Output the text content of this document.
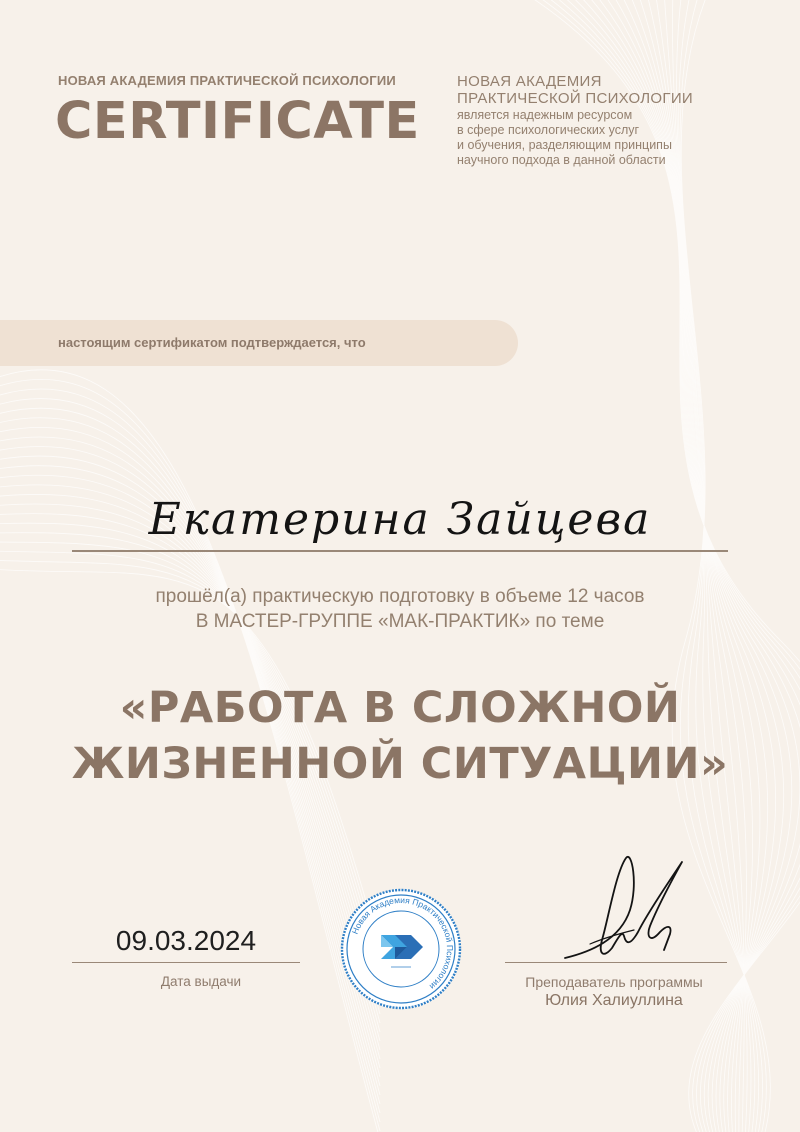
НОВАЯ АКАДЕМИЯ ПРАКТИЧЕСКОЙ ПСИХОЛОГИИ
CERTIFICATE
НОВАЯ АКАДЕМИЯ
ПРАКТИЧЕСКОЙ ПСИХОЛОГИИ
является надежным ресурсом
в сфере психологических услуг
и обучения, разделяющим принципы
научного подхода в данной области
настоящим сертификатом подтверждается, что
Екатерина Зайцева
прошёл(а) практическую подготовку в объеме 12 часов
В МАСТЕР-ГРУППЕ «МАК-ПРАКТИК» по теме
«РАБОТА В СЛОЖНОЙ
ЖИЗНЕННОЙ СИТУАЦИИ»
09.03.2024
Дата выдачи
Новая Академия Практической Психологии	Преподаватель программы
Юлия Халиуллина
